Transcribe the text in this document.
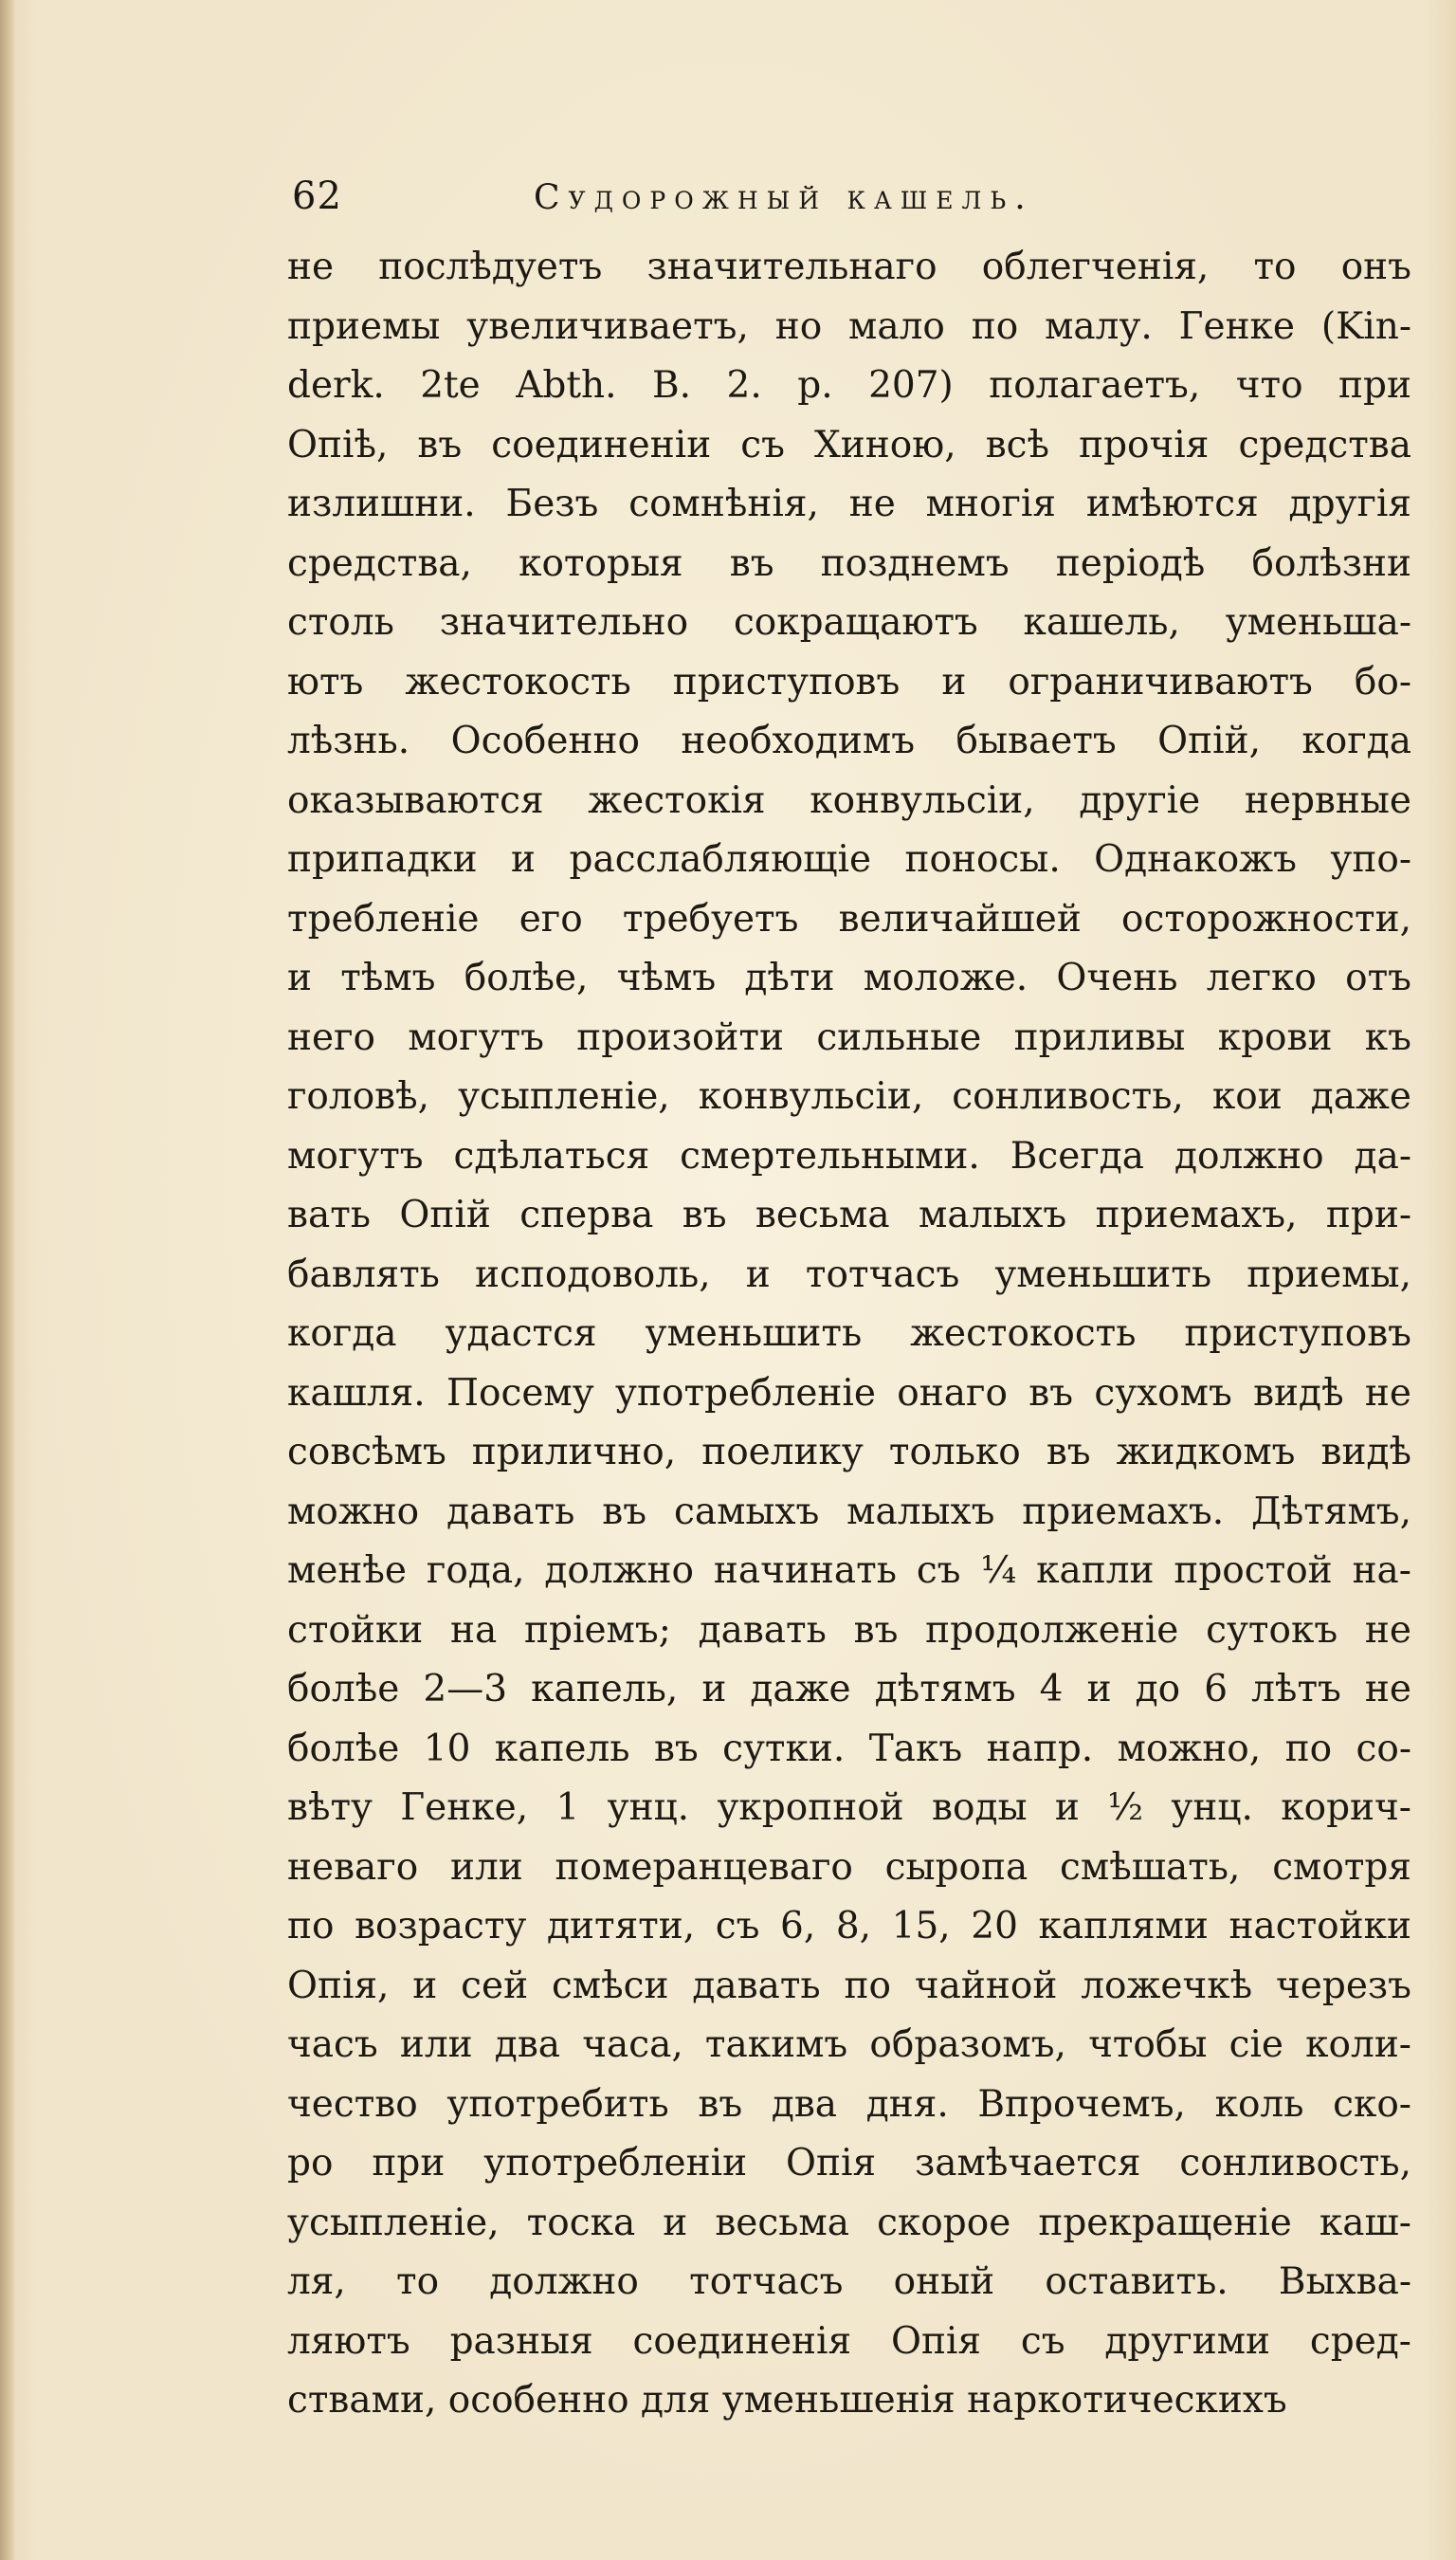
62	Судорожный кашель.
не послѣдуетъ значительнаго облегченія, то онъ
приемы увеличиваетъ, но мало по малу. Генке (Kin-
derk. 2te Abth. B. 2. p. 207) полагаетъ, что при
Опiѣ, въ соединенiи съ Хиною, всѣ прочія средства
излишни. Безъ сомнѣнія, не многія имѣются другія
средства, которыя въ позднемъ періодѣ болѣзни
столь значительно сокращаютъ кашель, уменьша-
ютъ жестокость приступовъ и ограничиваютъ бо-
лѣзнь. Особенно необходимъ бываетъ Опій, когда
оказываются жестокія конвульсiи, другіе нервные
припадки и расслабляющіе поносы. Однакожъ упо-
требленіе его требуетъ величайшей осторожности,
и тѣмъ болѣе, чѣмъ дѣти моложе. Очень легко отъ
него могутъ произойти сильные приливы крови къ
головѣ, усыпленіе, конвульсiи, сонливость, кои даже
могутъ сдѣлаться смертельными. Всегда должно да-
вать Опій сперва въ весьма малыхъ приемахъ, при-
бавлять исподоволь, и тотчасъ уменьшить приемы,
когда удастся уменьшить жестокость приступовъ
кашля. Посему употребленіе онаго въ сухомъ видѣ не
совсѣмъ прилично, поелику только въ жидкомъ видѣ
можно давать въ самыхъ малыхъ приемахъ. Дѣтямъ,
менѣе года, должно начинать съ ¼ капли простой на-
стойки на пріемъ; давать въ продолженіе сутокъ не
болѣе 2—3 капель, и даже дѣтямъ 4 и до 6 лѣтъ не
болѣе 10 капель въ сутки. Такъ напр. можно, по со-
вѣту Генке, 1 унц. укропной воды и ½ унц. корич-
неваго или померанцеваго сыропа смѣшать, смотря
по возрасту дитяти, съ 6, 8, 15, 20 каплями настойки
Опія, и сей смѣси давать по чайной ложечкѣ черезъ
часъ или два часа, такимъ образомъ, чтобы сіе коли-
чество употребить въ два дня. Впрочемъ, коль ско-
ро при употребленiи Опія замѣчается сонливость,
усыпленіе, тоска и весьма скорое прекращеніе каш-
ля, то должно тотчасъ оный оставить. Выхва-
ляютъ разныя соединенія Опія съ другими сред-
ствами, особенно для уменьшенія наркотическихъ
